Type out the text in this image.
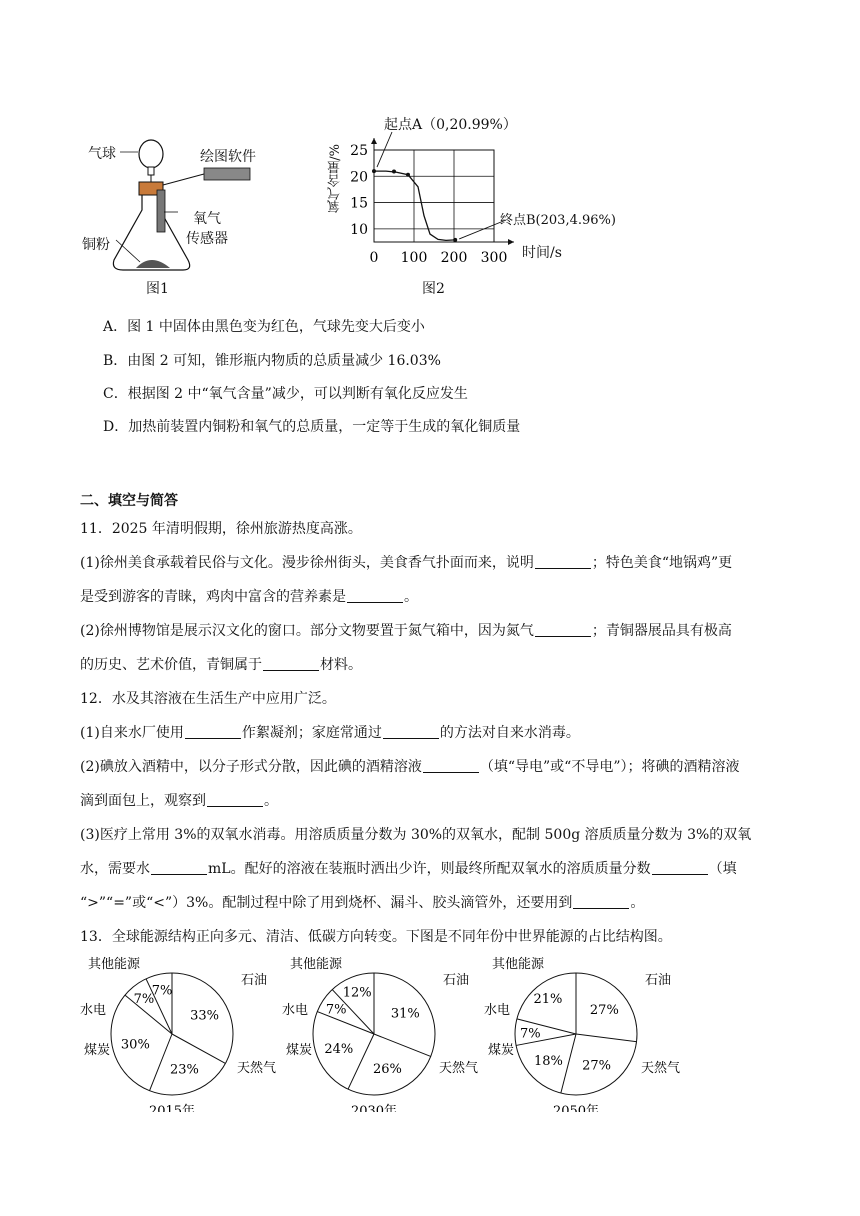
气球	绘图软件
氧气
传感器
铜粉
图1
25
20
15
10
0 100 200 300
起点A（0,20.99%）
终点B(203,4.96%)
时间/s
氧气含量/%
图2
A．图 1 中固体由黑色变为红色，气球先变大后变小
B．由图 2 可知，锥形瓶内物质的总质量减少 16.03%
C．根据图 2 中“氧气含量”减少，可以判断有氧化反应发生
D．加热前装置内铜粉和氧气的总质量，一定等于生成的氧化铜质量
二、填空与简答
11．2025 年清明假期，徐州旅游热度高涨。
(1)徐州美食承载着民俗与文化。漫步徐州街头，美食香气扑面而来，说明	；特色美食“地锅鸡”更
是受到游客的青睐，鸡肉中富含的营养素是	。
(2)徐州博物馆是展示汉文化的窗口。部分文物要置于氮气箱中，因为氮气	；青铜器展品具有极高
的历史、艺术价值，青铜属于	材料。
12．水及其溶液在生活生产中应用广泛。
(1)自来水厂使用	作絮凝剂；家庭常通过	的方法对自来水消毒。
(2)碘放入酒精中，以分子形式分散，因此碘的酒精溶液	（填“导电”或“不导电”）；将碘的酒精溶液
滴到面包上，观察到	。
(3)医疗上常用 3%的双氧水消毒。用溶质质量分数为 30%的双氧水，配制 500g 溶质质量分数为 3%的双氧
水，需要水	mL。配好的溶液在装瓶时洒出少许，则最终所配双氧水的溶质质量分数	（填
“>”“=”或“<”）3%。配制过程中除了用到烧杯、漏斗、胶头滴管外，还要用到	。
13．全球能源结构正向多元、清洁、低碳方向转变。下图是不同年份中世界能源的占比结构图。
33%
23%
30%
7%
7%
其他能源
石油
水电
煤炭
天然气
2015年
31%
26%
24%
7%
12%
其他能源
石油
水电
煤炭
天然气
2030年
27%
27%
18%
7%
21%
其他能源
石油
水电
煤炭
天然气
2050年
